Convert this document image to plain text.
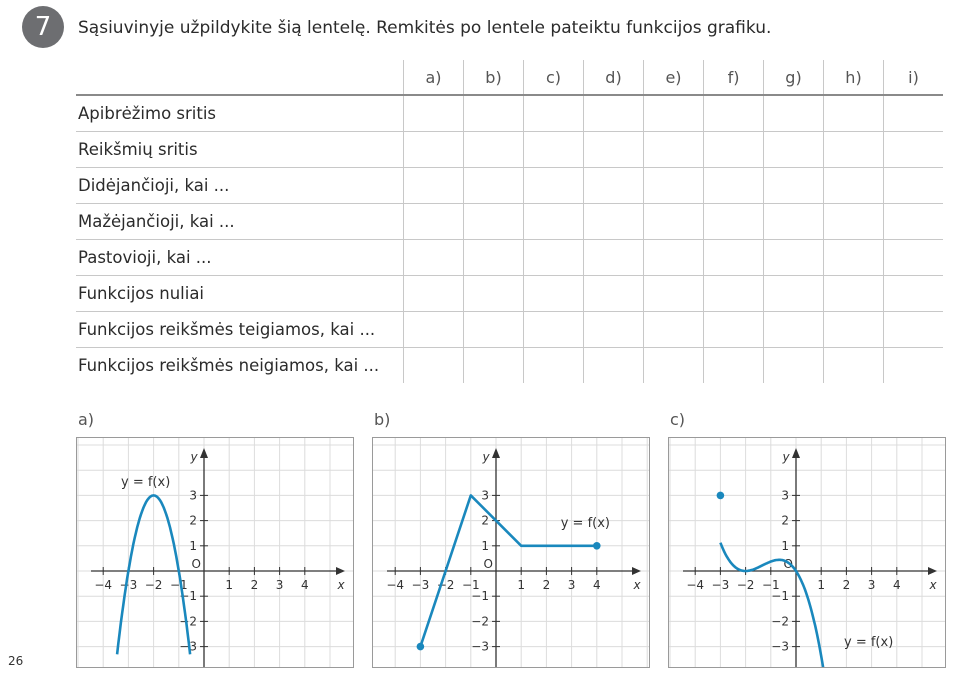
7	Sąsiuvinyje užpildykite šią lentelę. Remkitės po lentele pateiktu funkcijos grafiku.
	a)	b)	c)	d)	e)	f)	g)	h)	i)
Apibrėžimo sritis									
Reikšmių sritis									
Didėjančioji, kai ...									
Mažėjančioji, kai ...									
Pastovioji, kai ...									
Funkcijos nuliai									
Funkcijos reikšmės teigiamos, kai ...									
Funkcijos reikšmės neigiamos, kai ...									
a)	b)	c)
−4 −3 −2 −1	1 2 3 4
3
2
1
−1
−2
−3
O
x
y
y = f(x)
−4 −3 −2 −1	1 2 3 4
3
2
1
−1
−2
−3
O
x
y
y = f(x)
−4 −3 −2 −1	1 2 3 4
3
2
1
−1
−2
−3
O
x
y
y = f(x)
26
